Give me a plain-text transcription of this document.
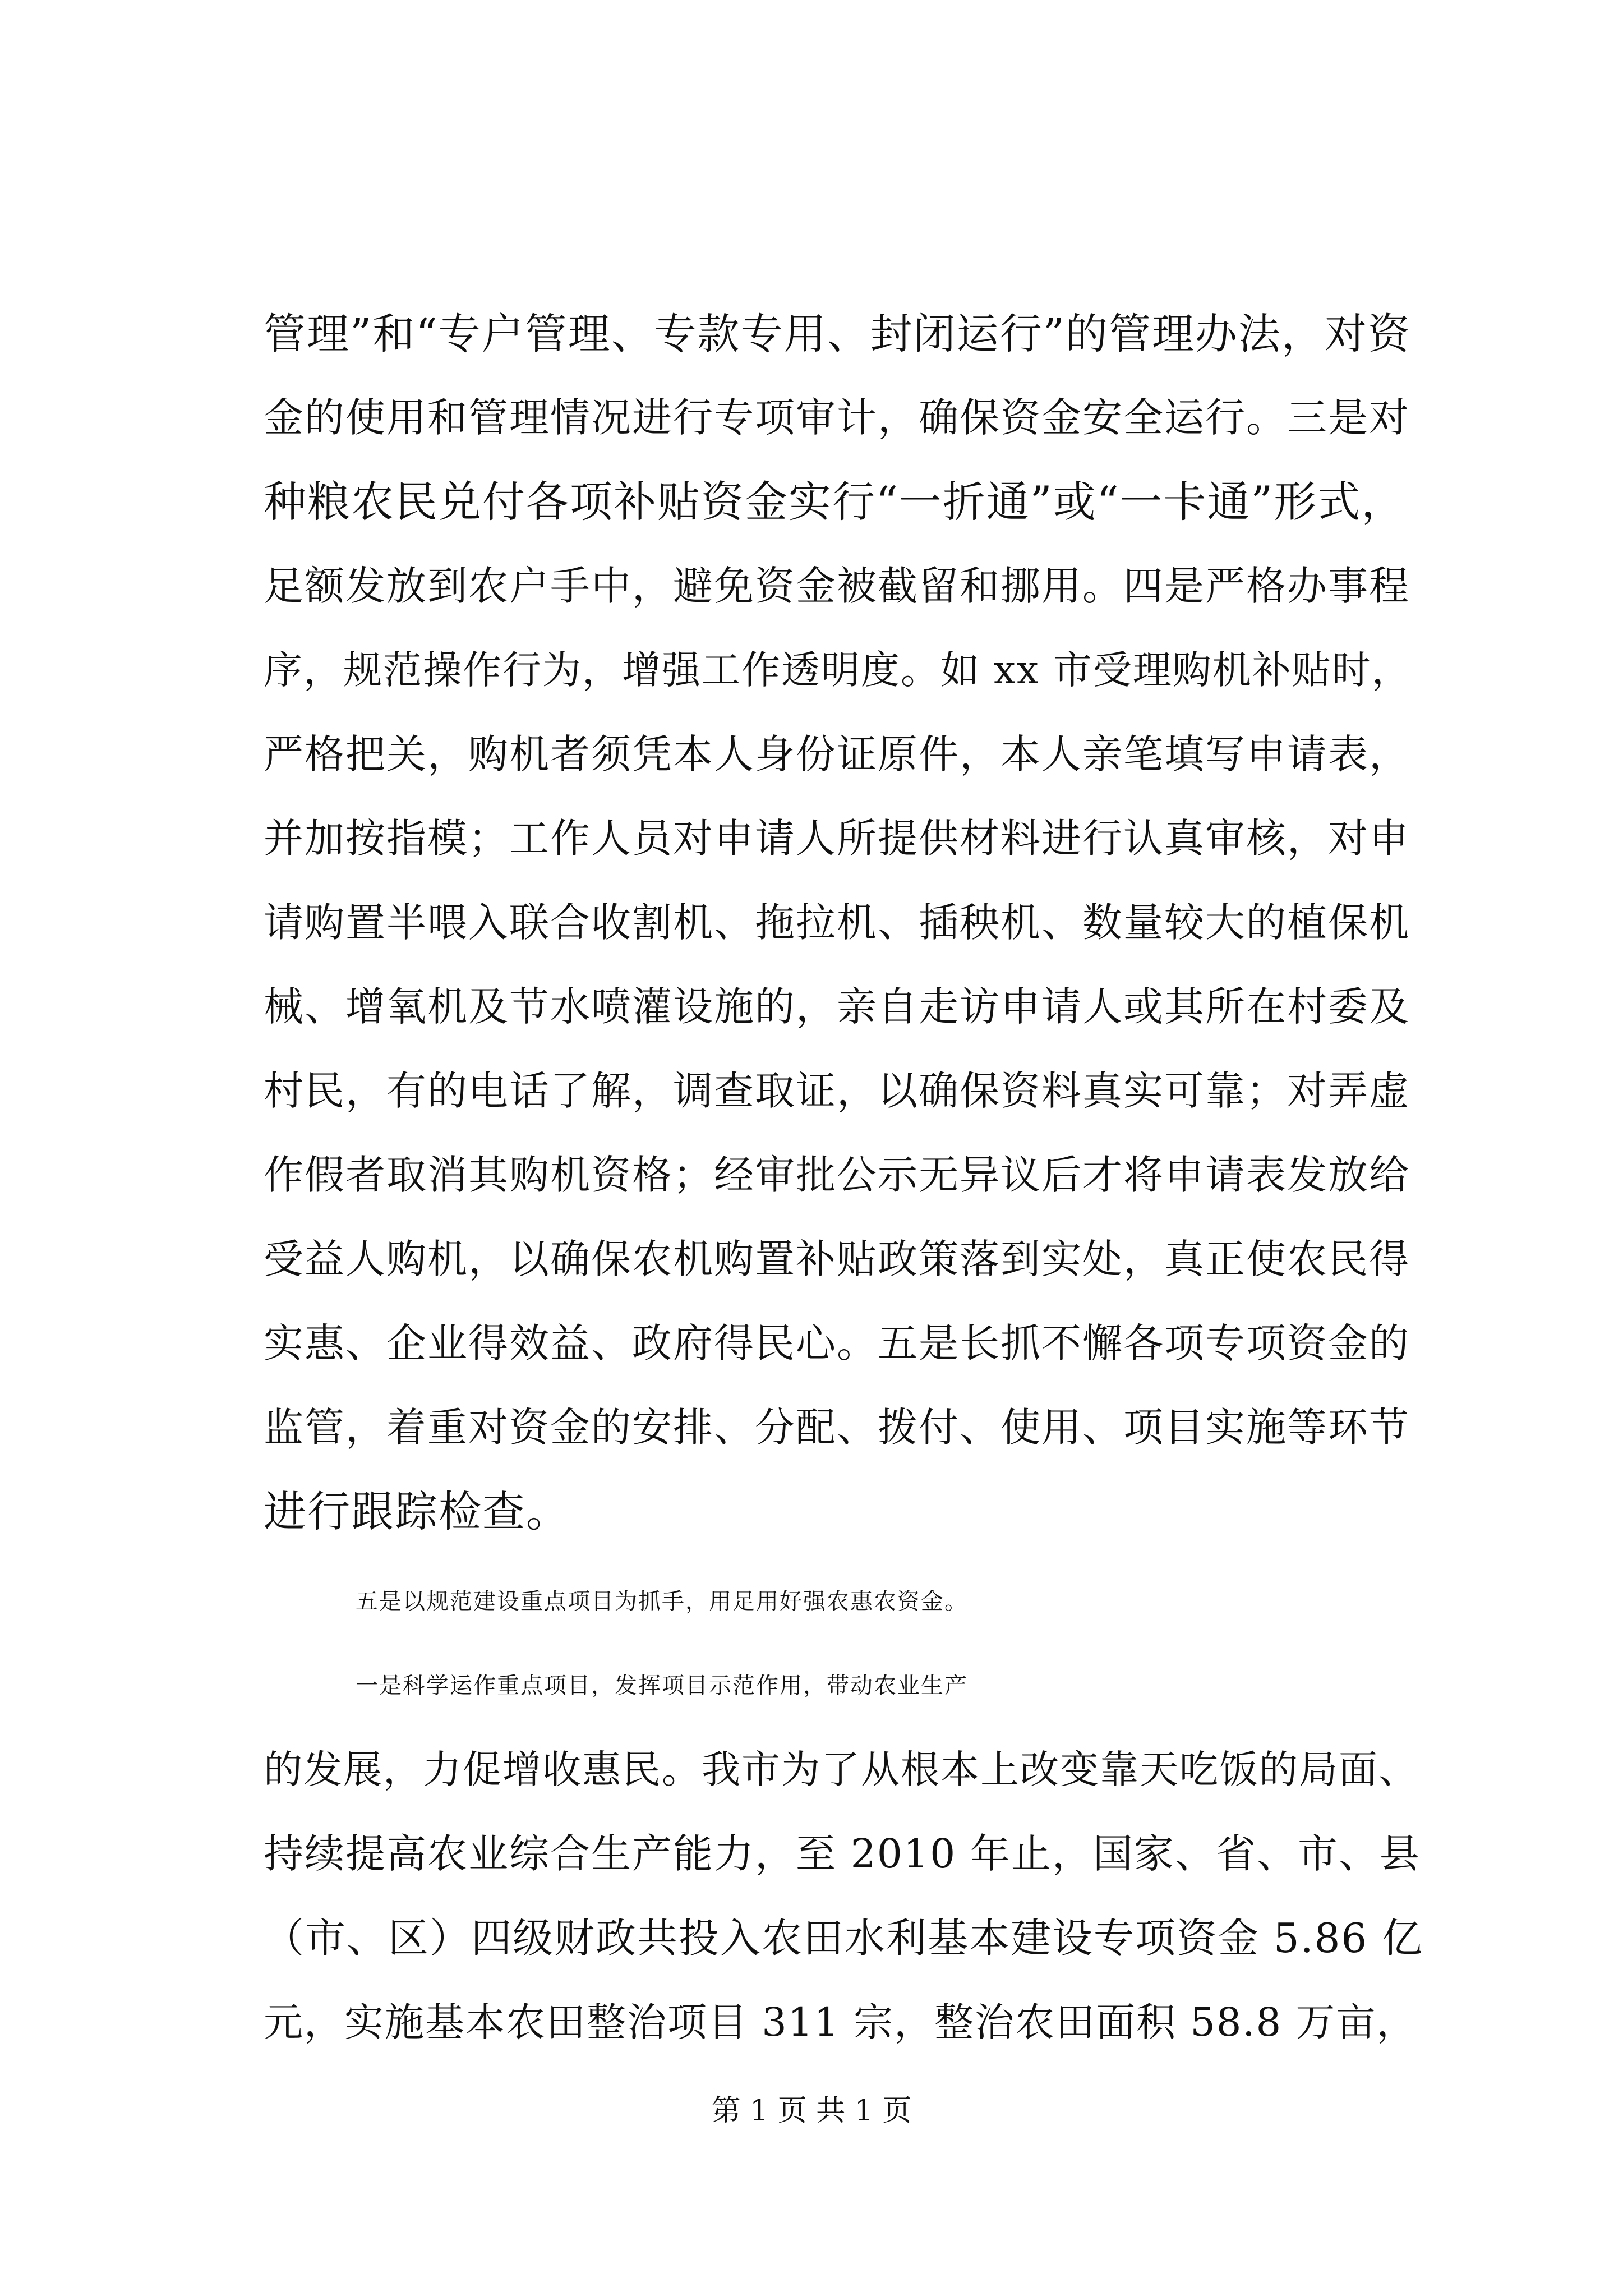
管理”和“专户管理、专款专用、封闭运行”的管理办法，对资
金的使用和管理情况进行专项审计，确保资金安全运行。三是对
种粮农民兑付各项补贴资金实行“一折通”或“一卡通”形式，
足额发放到农户手中，避免资金被截留和挪用。四是严格办事程
序，规范操作行为，增强工作透明度。如 xx 市受理购机补贴时，
严格把关，购机者须凭本人身份证原件，本人亲笔填写申请表，
并加按指模；工作人员对申请人所提供材料进行认真审核，对申
请购置半喂入联合收割机、拖拉机、插秧机、数量较大的植保机
械、增氧机及节水喷灌设施的，亲自走访申请人或其所在村委及
村民，有的电话了解，调查取证，以确保资料真实可靠；对弄虚
作假者取消其购机资格；经审批公示无异议后才将申请表发放给
受益人购机，以确保农机购置补贴政策落到实处，真正使农民得
实惠、企业得效益、政府得民心。五是长抓不懈各项专项资金的
监管，着重对资金的安排、分配、拨付、使用、项目实施等环节
进行跟踪检查。
五是以规范建设重点项目为抓手，用足用好强农惠农资金。
一是科学运作重点项目，发挥项目示范作用，带动农业生产
的发展，力促增收惠民。我市为了从根本上改变靠天吃饭的局面、
持续提高农业综合生产能力，至 2010 年止，国家、省、市、县
（市、区）四级财政共投入农田水利基本建设专项资金 5.86 亿
元，实施基本农田整治项目 311 宗，整治农田面积 58.8 万亩，
第 1 页 共 1 页
